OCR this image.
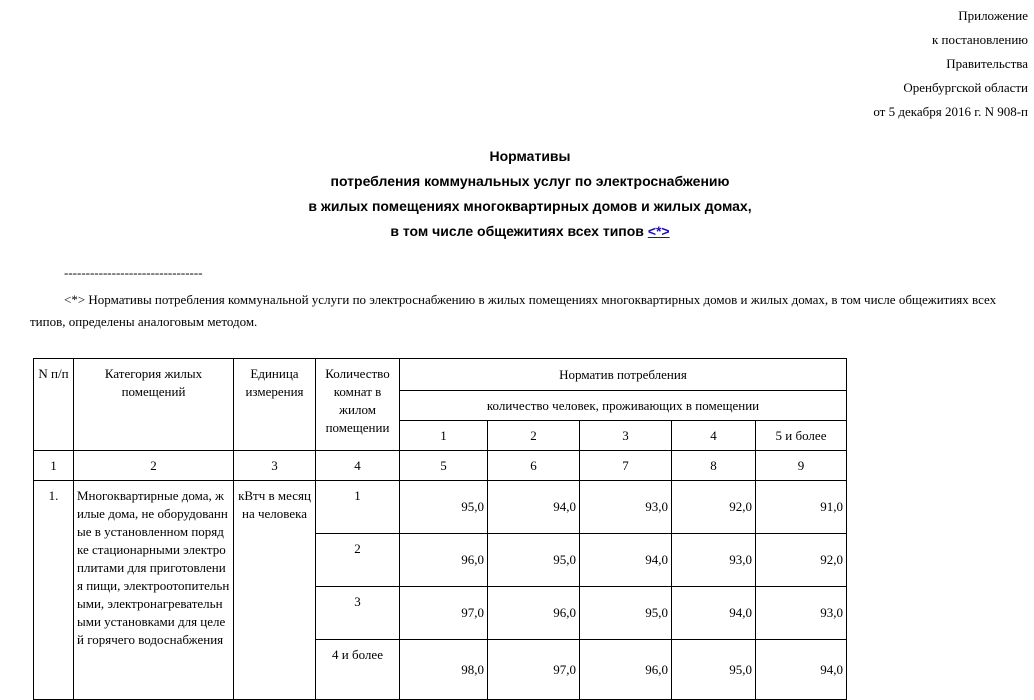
Приложение
к постановлению
Правительства
Оренбургской области
от 5 декабря 2016 г. N 908-п
Нормативы
потребления коммунальных услуг по электроснабжению
в жилых помещениях многоквартирных домов и жилых домах,
в том числе общежитиях всех типов <*>
--------------------------------
<*> Нормативы потребления коммунальной услуги по электроснабжению в жилых помещениях многоквартирных домов и жилых домах, в том числе общежитиях всех типов, определены аналоговым методом.
N п/п	Категория жилых помещений	Единица измерения	Количество комнат в жилом помещении	Норматив потребления				
				количество человек, проживающих в помещении				
				1	2	3	4	5 и более
1	2	3	4	5	6	7	8	9
1.	Многоквартирные дома, жилые дома, не оборудованные в установленном порядке стационарными электроплитами для приготовления пищи, электроотопительными, электронагревательными установками для целей горячего водоснабжения	кВтч в месяц на человека	1	95,0	94,0	93,0	92,0	91,0
			2	96,0	95,0	94,0	93,0	92,0
			3	97,0	96,0	95,0	94,0	93,0
			4 и более	98,0	97,0	96,0	95,0	94,0
